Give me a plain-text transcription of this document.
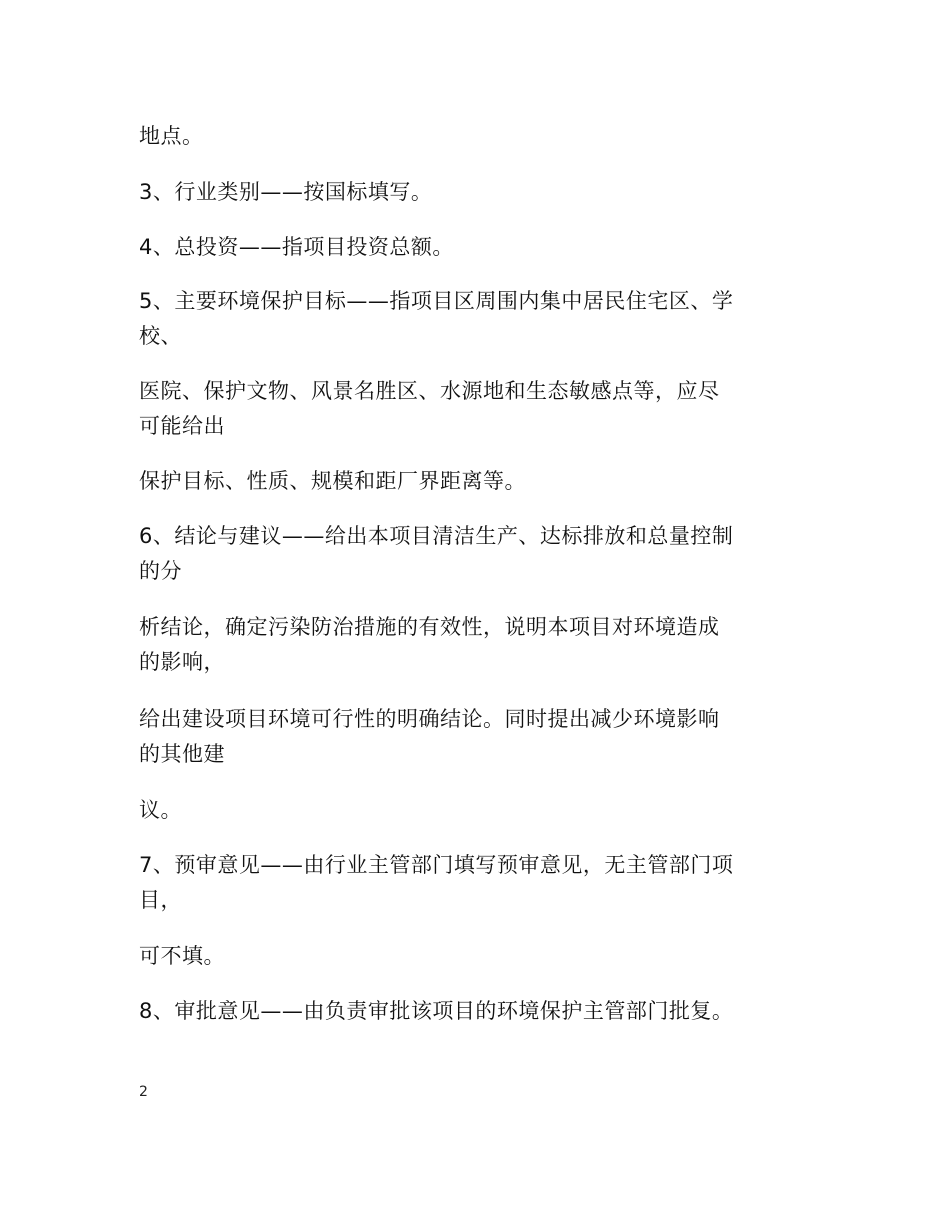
地点。
3、行业类别——按国标填写。
4、总投资——指项目投资总额。
5、主要环境保护目标——指项目区周围内集中居民住宅区、学
校、
医院、保护文物、风景名胜区、水源地和生态敏感点等，应尽
可能给出
保护目标、性质、规模和距厂界距离等。
6、结论与建议——给出本项目清洁生产、达标排放和总量控制
的分
析结论，确定污染防治措施的有效性，说明本项目对环境造成
的影响，
给出建设项目环境可行性的明确结论。同时提出减少环境影响
的其他建
议。
7、预审意见——由行业主管部门填写预审意见，无主管部门项
目，
可不填。
8、审批意见——由负责审批该项目的环境保护主管部门批复。
2
